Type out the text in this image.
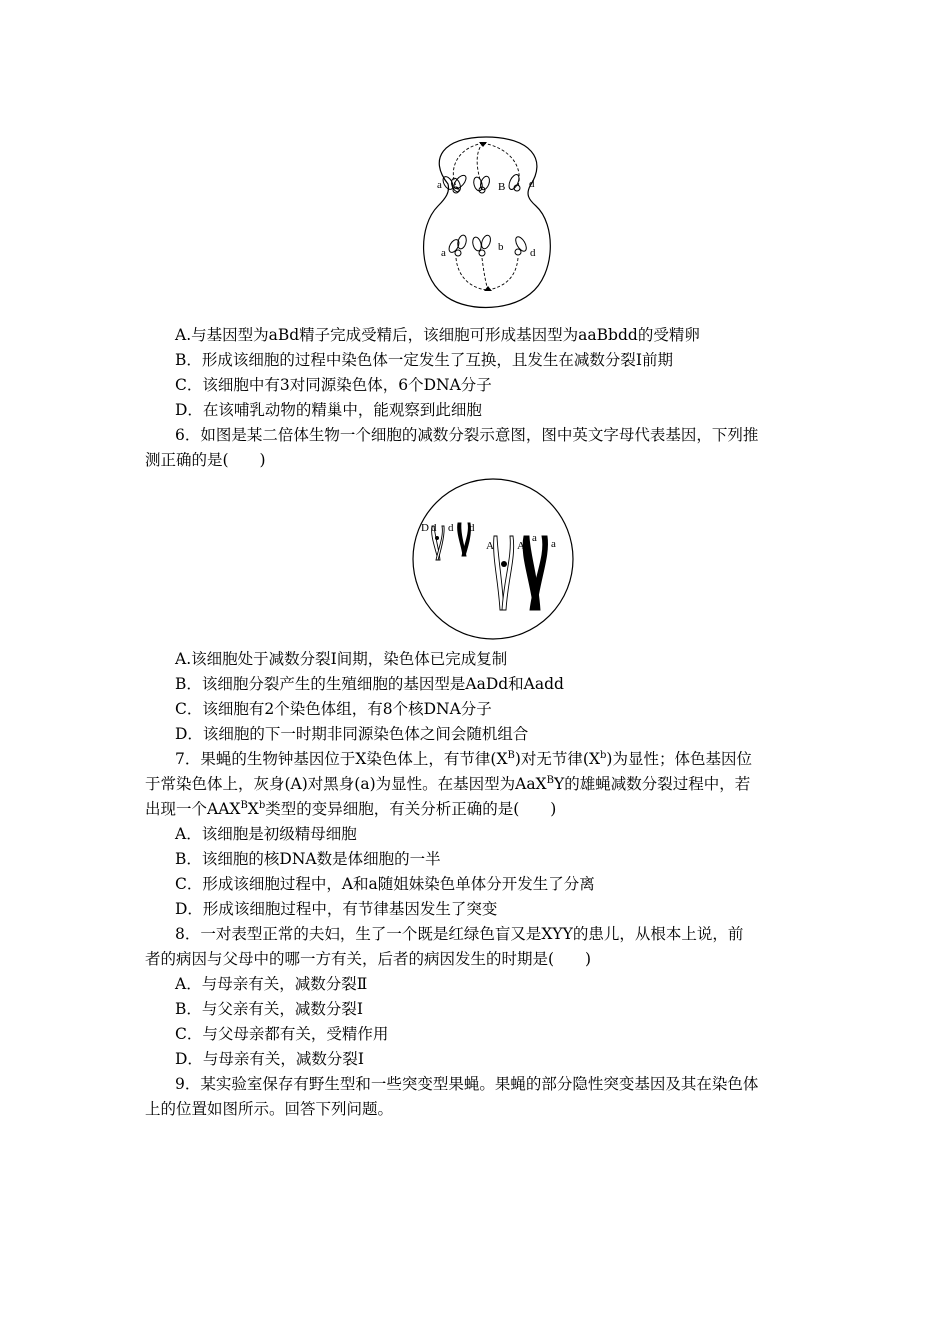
a	B d
a	b d
A.与基因型为aBd精子完成受精后，该细胞可形成基因型为aaBbdd的受精卵
B．形成该细胞的过程中染色体一定发生了互换，且发生在减数分裂Ⅰ前期
C．该细胞中有3对同源染色体，6个DNA分子
D．在该哺乳动物的精巢中，能观察到此细胞
6．如图是某二倍体生物一个细胞的减数分裂示意图，图中英文字母代表基因，下列推
测正确的是(　　)
D d d d
A A
a a
A.该细胞处于减数分裂Ⅰ间期，染色体已完成复制
B．该细胞分裂产生的生殖细胞的基因型是AaDd和Aadd
C．该细胞有2个染色体组，有8个核DNA分子
D．该细胞的下一时期非同源染色体之间会随机组合
7．果蝇的生物钟基因位于X染色体上，有节律$(X^B)$对无节律$(X^b)$为显性；体色基因位
于常染色体上，灰身(A)对黑身(a)为显性。在基因型为AaX$^B$Y的雄蝇减数分裂过程中，若
出现一个$AAX^BX^b$类型的变异细胞，有关分析正确的是(　　)
A．该细胞是初级精母细胞
B．该细胞的核DNA数是体细胞的一半
C．形成该细胞过程中，A和a随姐妹染色单体分开发生了分离
D．形成该细胞过程中，有节律基因发生了突变
8．一对表型正常的夫妇，生了一个既是红绿色盲又是XYY的患儿，从根本上说，前
者的病因与父母中的哪一方有关，后者的病因发生的时期是(　　)
A．与母亲有关，减数分裂Ⅱ
B．与父亲有关，减数分裂Ⅰ
C．与父母亲都有关，受精作用
D．与母亲有关，减数分裂Ⅰ
9．某实验室保存有野生型和一些突变型果蝇。果蝇的部分隐性突变基因及其在染色体
上的位置如图所示。回答下列问题。
